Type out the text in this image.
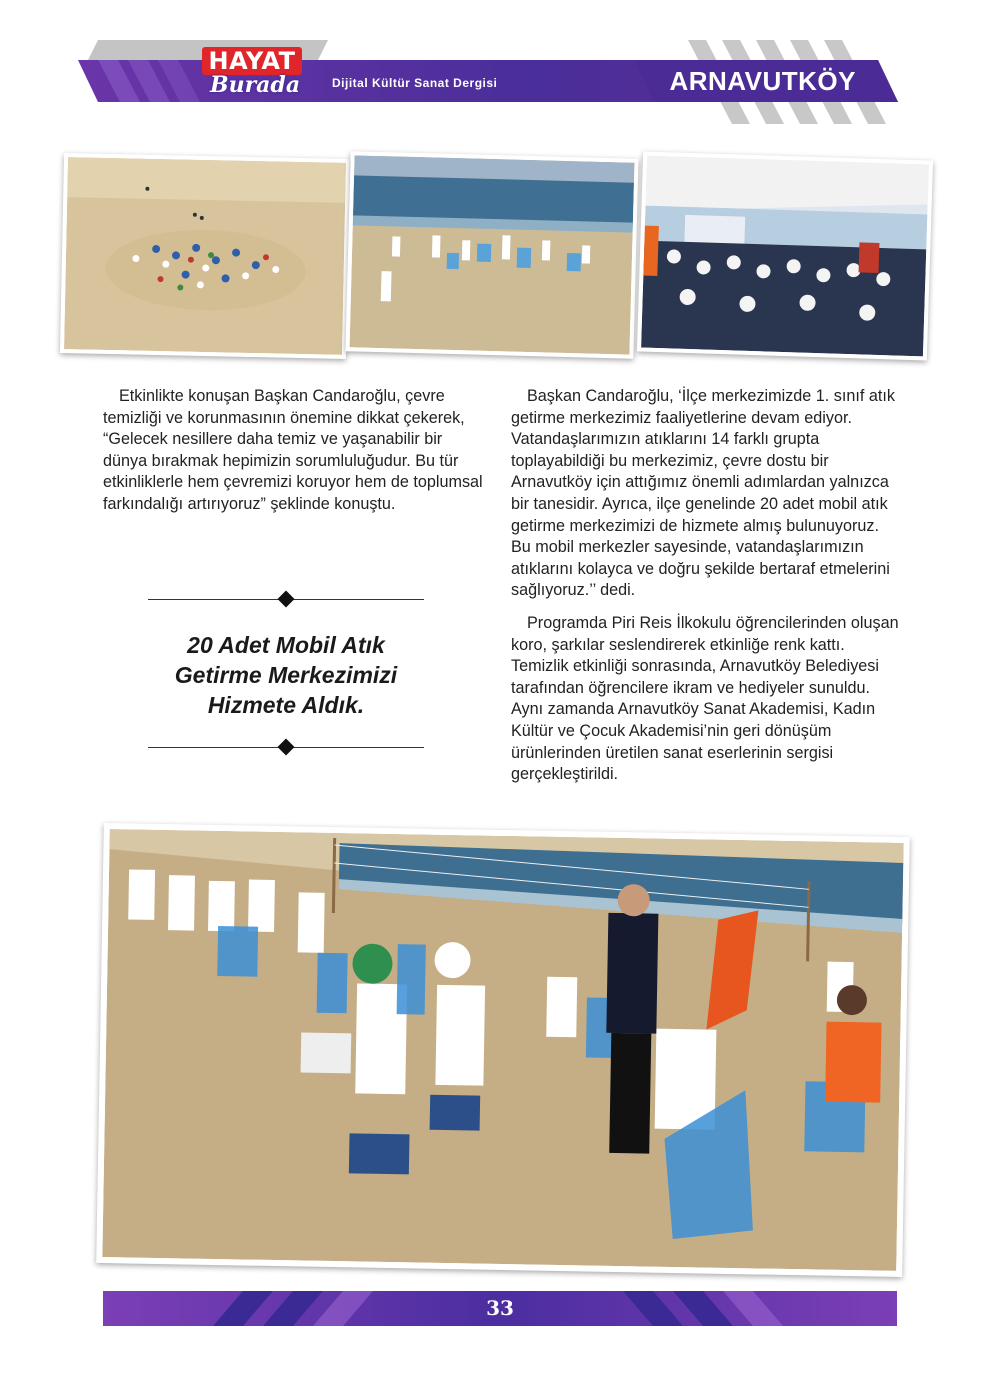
HAYAT
Burada	Dijital Kültür Sanat Dergisi	ARNAVUTKÖY

Etkinlikte konuşan Başkan Candaroğlu, çevre temizliği ve korunmasının önemine dikkat çekerek, “Gelecek nesillere daha temiz ve yaşanabilir bir dünya bırakmak hepimizin sorumluluğudur. Bu tür etkinliklerle hem çevremizi koruyor hem de toplumsal farkındalığı artırıyoruz” şeklinde konuştu.

20 Adet Mobil Atık
Getirme Merkezimizi
Hizmete Aldık.

Başkan Candaroğlu, ‘İlçe merkezimizde 1. sınıf atık getirme merkezimiz faaliyetlerine devam ediyor. Vatandaşlarımızın atıklarını 14 farklı grupta toplayabildiği bu merkezimiz, çevre dostu bir Arnavutköy için attığımız önemli adımlardan yalnızca bir tanesidir. Ayrıca, ilçe genelinde 20 adet mobil atık getirme merkezimizi de hizmete almış bulunuyoruz. Bu mobil merkezler sayesinde, vatandaşlarımızın atıklarını kolayca ve doğru şekilde bertaraf etmelerini sağlıyoruz.’’ dedi.

Programda Piri Reis İlkokulu öğrencilerinden oluşan koro, şarkılar seslendirerek etkinliğe renk kattı. Temizlik etkinliği sonrasında, Arnavutköy Belediyesi tarafından öğrencilere ikram ve hediyeler sunuldu. Aynı zamanda Arnavutköy Sanat Akademisi, Kadın Kültür ve Çocuk Akademisi’nin geri dönüşüm ürünlerinden üretilen sanat eserlerinin sergisi gerçekleştirildi.

33
